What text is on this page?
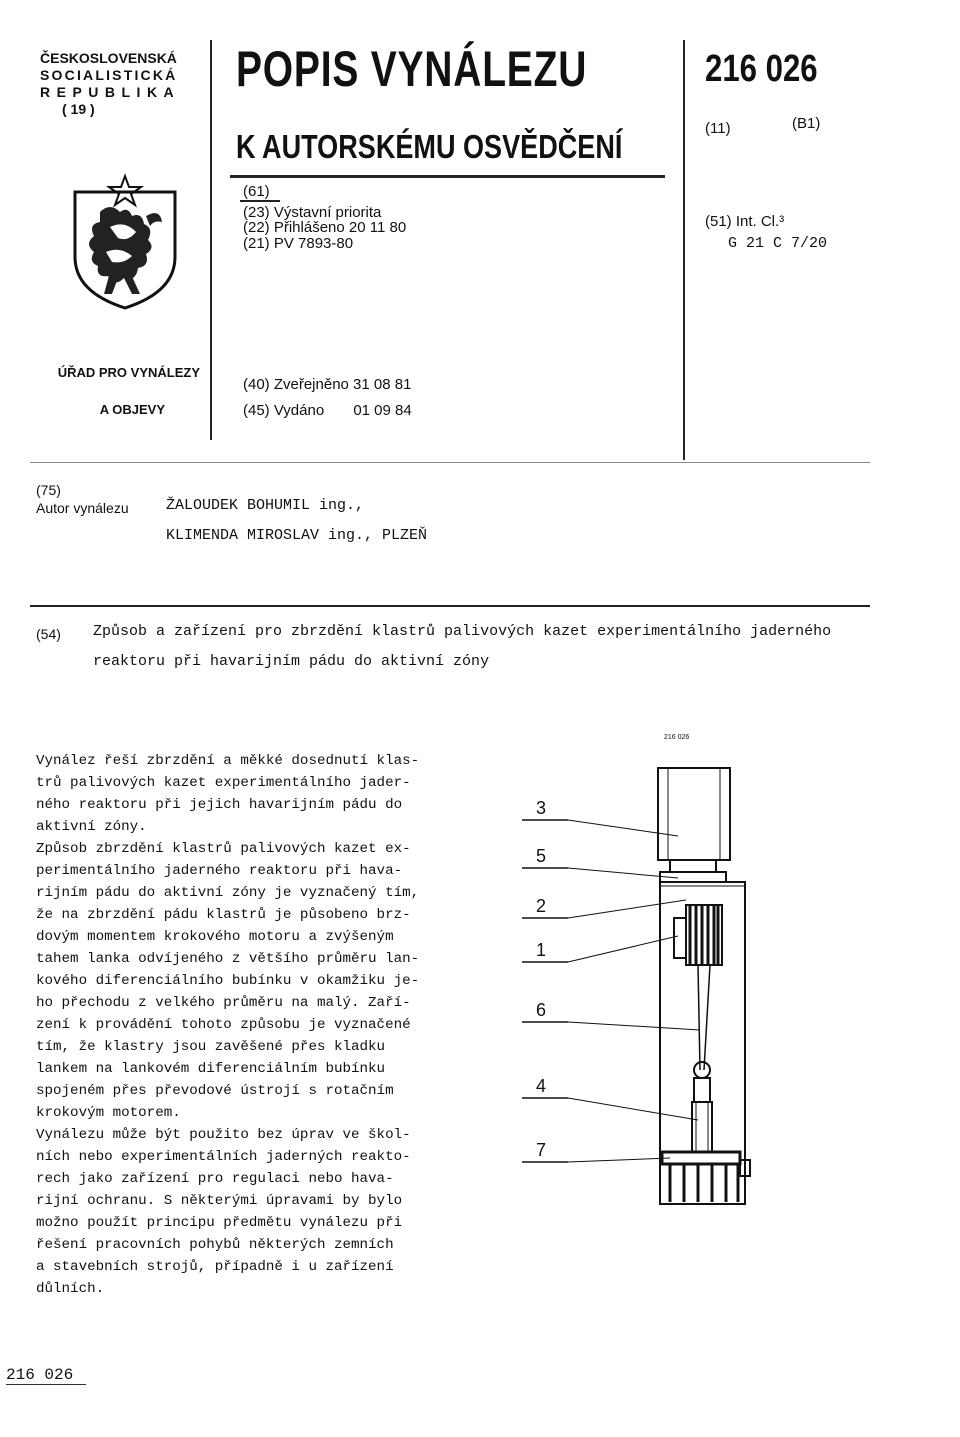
ČESKOSLOVENSKÁ
SOCIALISTICKÁ
REPUBLIKA
( 19 )
POPIS VYNÁLEZU
K AUTORSKÉMU OSVĚDČENÍ
216 026
(11)	(B1)
(61)
(23) Výstavní priorita
(22) Přihlášeno 20 11 80
(21) PV 7893-80
(51) Int. Cl.³
G 21 C 7/20
ÚŘAD PRO VYNÁLEZY
A OBJEVY
(40) Zveřejněno 31 08 81
(45) Vydáno       01 09 84
(75)
Autor vynálezu ŽALOUDEK BOHUMIL ing.,
KLIMENDA MIROSLAV ing., PLZEŇ
(54) Způsob a zařízení pro zbrzdění klastrů palivových kazet experimentálního jaderného
reaktoru při havarijním pádu do aktivní zóny

Vynález řeší zbrzdění a měkké dosednutí klas-
trů palivových kazet experimentálního jader-
ného reaktoru při jejich havarijním pádu do
aktivní zóny.

Způsob zbrzdění klastrů palivových kazet ex-
perimentálního jaderného reaktoru při hava-
rijním pádu do aktivní zóny je vyznačený tím,
že na zbrzdění pádu klastrů je působeno brz-
dovým momentem krokového motoru a zvýšeným
tahem lanka odvíjeného z většího průměru lan-
kového diferenciálního bubínku v okamžiku je-
ho přechodu z velkého průměru na malý. Zaří-
zení k provádění tohoto způsobu je vyznačené
tím, že klastry jsou zavěšené přes kladku
lankem na lankovém diferenciálním bubínku
spojeném přes převodové ústrojí s rotačním
krokovým motorem.

Vynálezu může být použito bez úprav ve škol-
ních nebo experimentálních jaderných reakto-
rech jako zařízení pro regulaci nebo hava-
rijní ochranu. S některými úpravami by bylo
možno použít principu předmětu vynálezu při
řešení pracovních pohybů některých zemních
a stavebních strojů, případně i u zařízení
důlních.

216 026
3
5
2
1
6
4
7
216 026
